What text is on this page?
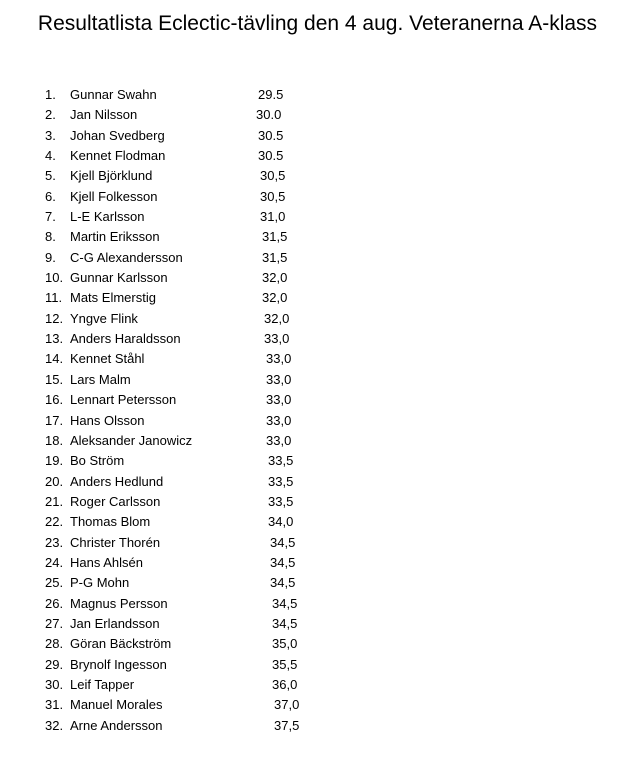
Resultatlista Eclectic-tävling den 4 aug. Veteranerna A-klass
1. Gunnar Swahn	29.5
2. Jan Nilsson	30.0
3. Johan Svedberg	30.5
4. Kennet Flodman	30.5
5. Kjell Björklund	30,5
6. Kjell Folkesson	30,5
7. L-E Karlsson	31,0
8. Martin Eriksson	31,5
9. C-G Alexandersson	31,5
10. Gunnar Karlsson	32,0
11. Mats Elmerstig	32,0
12. Yngve Flink	32,0
13. Anders Haraldsson	33,0
14. Kennet Ståhl	33,0
15. Lars Malm	33,0
16. Lennart Petersson	33,0
17. Hans Olsson	33,0
18. Aleksander Janowicz	33,0
19. Bo Ström	33,5
20. Anders Hedlund	33,5
21. Roger Carlsson	33,5
22. Thomas Blom	34,0
23. Christer Thorén	34,5
24. Hans Ahlsén	34,5
25. P-G Mohn	34,5
26. Magnus Persson	34,5
27. Jan Erlandsson	34,5
28. Göran Bäckström	35,0
29. Brynolf Ingesson	35,5
30. Leif Tapper	36,0
31. Manuel Morales	37,0
32. Arne Andersson	37,5
